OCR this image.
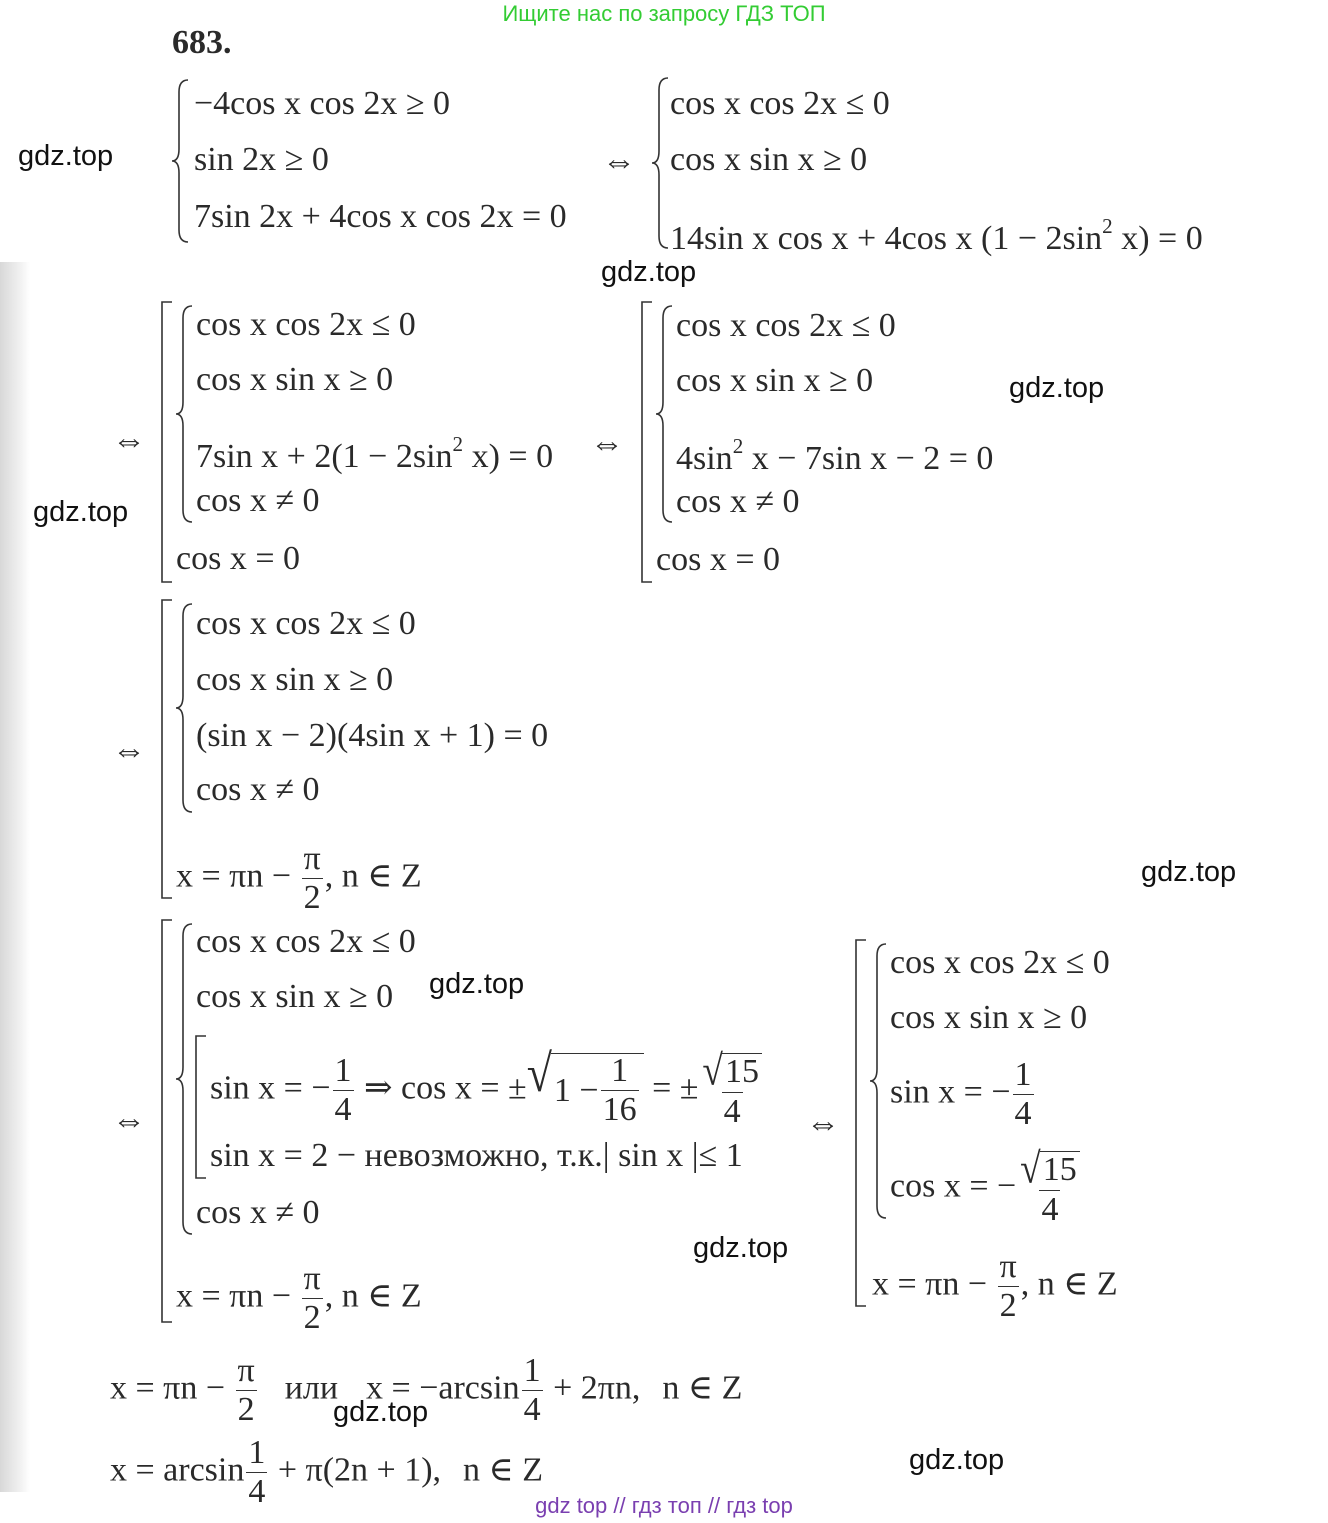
Ищите нас по запросу ГДЗ ТОП
683.
gdz.top
gdz.top
gdz.top
gdz.top
gdz.top
gdz.top
gdz.top
gdz.top
gdz.top
−4cos x cos 2x ≥ 0
sin 2x ≥ 0
7sin 2x + 4cos x cos 2x = 0
⇔
cos x cos 2x ≤ 0
cos x sin x ≥ 0
14sin x cos x + 4cos x ($1 - 2\sin^2$ x) = 0
⇔
cos x cos 2x ≤ 0
cos x sin x ≥ 0
7sin $x + 2(1 - 2\sin^2$ x) = 0
cos x ≠ 0
cos x = 0
⇔
cos x cos 2x ≤ 0
cos x sin x ≥ 0
$4\sin^2$ x − 7sin x − 2 = 0
cos x ≠ 0
cos x = 0
⇔
cos x cos 2x ≤ 0
cos x sin x ≥ 0
(sin x − 2)(4sin x + 1) = 0
cos x ≠ 0
$x = \pi n - \frac{\pi}{2}$ , n ∈ Z
⇔
cos x cos 2x ≤ 0
cos x sin x ≥ 0
sin x = − $\frac{1}{4}$ ⇒ cos x = ± √ $1 - \frac{1}{16}$ = ± $\frac{√ 15}{4}$
sin x = 2 − невозможно, т.к.| sin x |≤ 1
cos x ≠ 0
$x = \pi n - \frac{\pi}{2}$ , n ∈ Z
⇔
cos x cos 2x ≤ 0
cos x sin x ≥ 0
sin x = − $\frac{1}{4}$
cos x = − $\frac{√ 15}{4}$
$x = \pi n - \frac{\pi}{2}$ , n ∈ Z
$x = \pi n - \frac{\pi}{2}$ или $x = -\arcsin \frac{1}{4} + 2\pi n$, n ∈ Z
$x = \arcsin \frac{1}{4} + \pi(2n + 1)$, n ∈ Z
gdz top // гдз топ // гдз top
